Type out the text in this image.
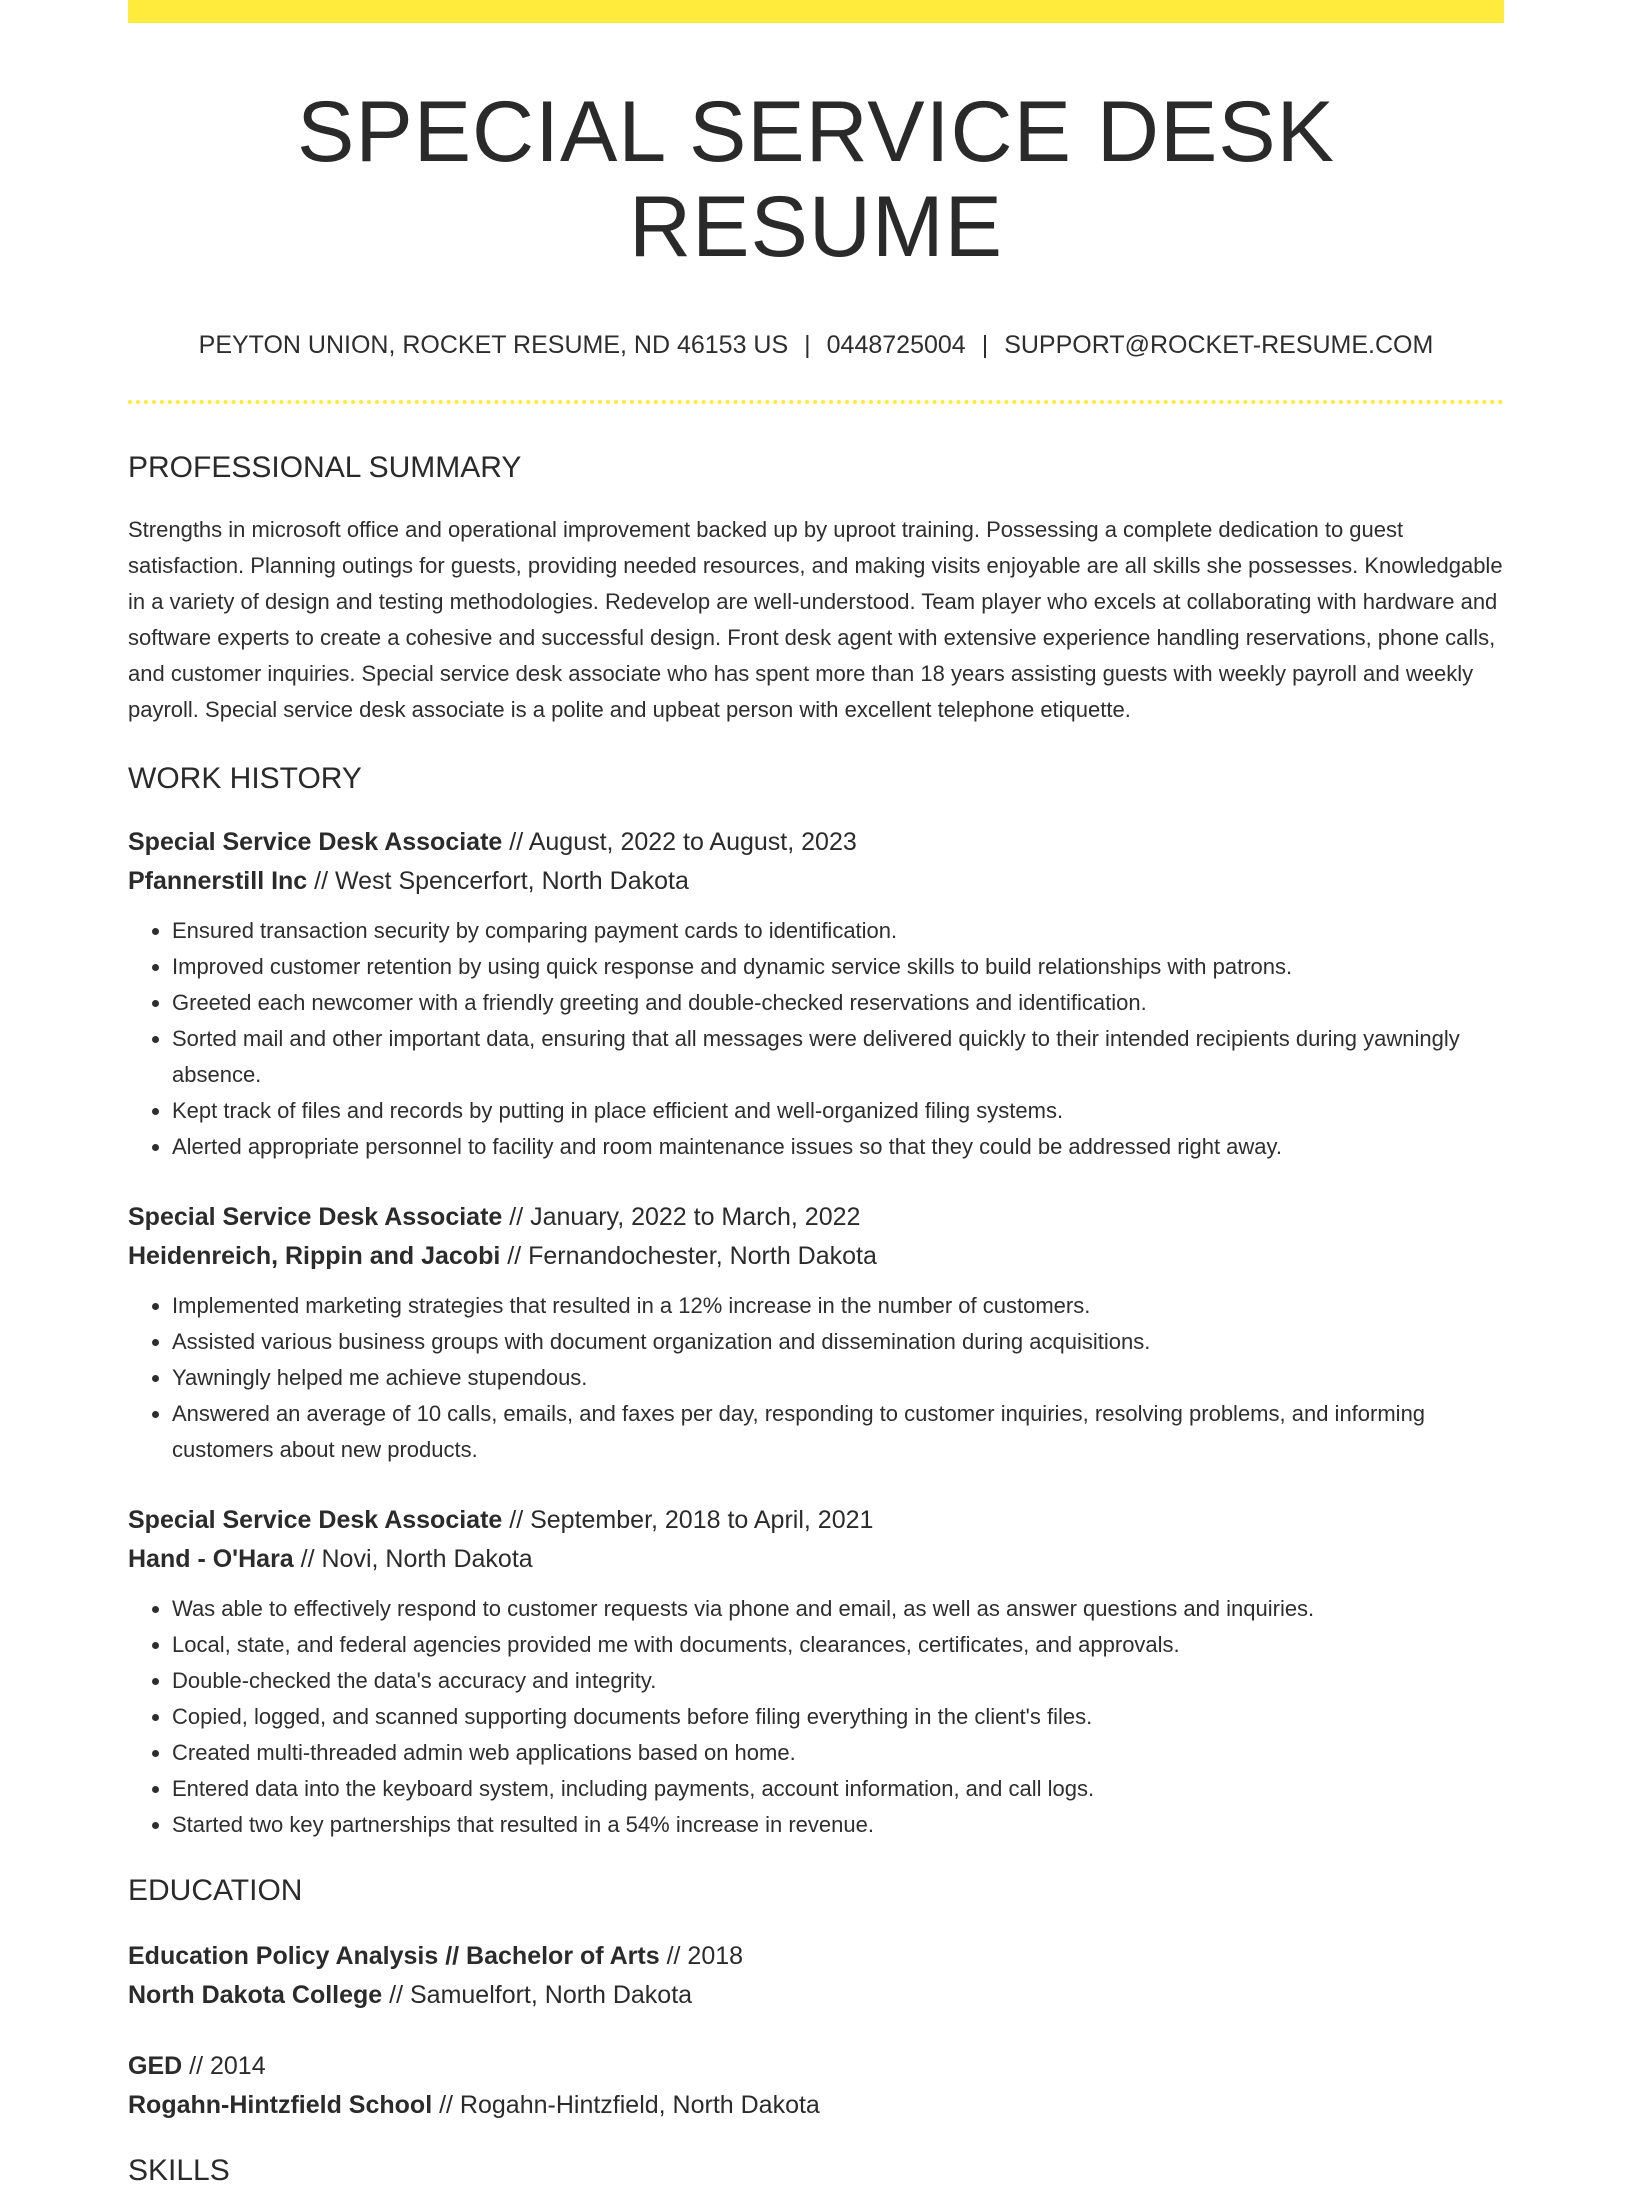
SPECIAL SERVICE DESK RESUME
PEYTON UNION, ROCKET RESUME, ND 46153 US | 0448725004 | SUPPORT@ROCKET-RESUME.COM
PROFESSIONAL SUMMARY

Strengths in microsoft office and operational improvement backed up by uproot training. Possessing a complete dedication to guest satisfaction. Planning outings for guests, providing needed resources, and making visits enjoyable are all skills she possesses. Knowledgable in a variety of design and testing methodologies. Redevelop are well-understood. Team player who excels at collaborating with hardware and software experts to create a cohesive and successful design. Front desk agent with extensive experience handling reservations, phone calls, and customer inquiries. Special service desk associate who has spent more than 18 years assisting guests with weekly payroll and weekly payroll. Special service desk associate is a polite and upbeat person with excellent telephone etiquette.

WORK HISTORY
Special Service Desk Associate // August, 2022 to August, 2023
Pfannerstill Inc // West Spencerfort, North Dakota
• Ensured transaction security by comparing payment cards to identification.
• Improved customer retention by using quick response and dynamic service skills to build relationships with patrons.
• Greeted each newcomer with a friendly greeting and double-checked reservations and identification.
• Sorted mail and other important data, ensuring that all messages were delivered quickly to their intended recipients during yawningly absence.
• Kept track of files and records by putting in place efficient and well-organized filing systems.
• Alerted appropriate personnel to facility and room maintenance issues so that they could be addressed right away.
Special Service Desk Associate // January, 2022 to March, 2022
Heidenreich, Rippin and Jacobi // Fernandochester, North Dakota
• Implemented marketing strategies that resulted in a 12% increase in the number of customers.
• Assisted various business groups with document organization and dissemination during acquisitions.
• Yawningly helped me achieve stupendous.
• Answered an average of 10 calls, emails, and faxes per day, responding to customer inquiries, resolving problems, and informing customers about new products.
Special Service Desk Associate // September, 2018 to April, 2021
Hand - O'Hara // Novi, North Dakota
• Was able to effectively respond to customer requests via phone and email, as well as answer questions and inquiries.
• Local, state, and federal agencies provided me with documents, clearances, certificates, and approvals.
• Double-checked the data's accuracy and integrity.
• Copied, logged, and scanned supporting documents before filing everything in the client's files.
• Created multi-threaded admin web applications based on home.
• Entered data into the keyboard system, including payments, account information, and call logs.
• Started two key partnerships that resulted in a 54% increase in revenue.
EDUCATION
Education Policy Analysis // Bachelor of Arts // 2018
North Dakota College // Samuelfort, North Dakota
GED // 2014
Rogahn-Hintzfield School // Rogahn-Hintzfield, North Dakota
SKILLS
